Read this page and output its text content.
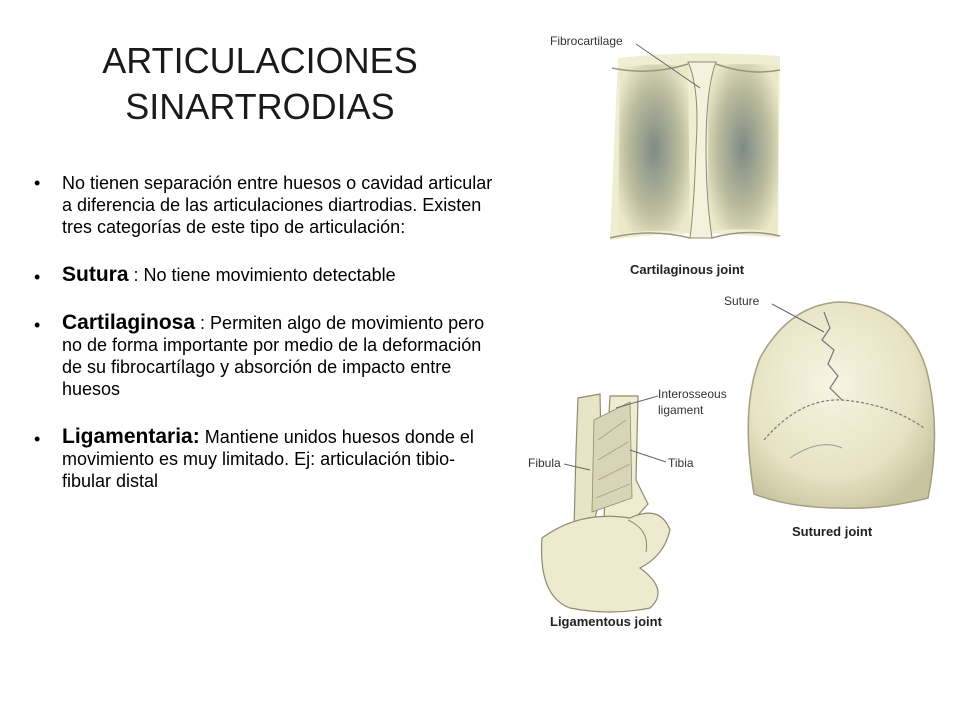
ARTICULACIONES
SINARTRODIAS
• No tienen separación entre huesos o cavidad articular a diferencia de las articulaciones diartrodias. Existen tres categorías de este tipo de articulación:
• Sutura : No tiene movimiento detectable
• Cartilaginosa : Permiten algo de movimiento pero no de forma importante por medio de la deformación de su fibrocartílago y absorción de impacto entre huesos
• Ligamentaria: Mantiene unidos huesos donde el movimiento es muy limitado. Ej: articulación tibio-fibular distal
Fibrocartilage
Cartilaginous joint
Suture
Sutured joint
Interosseous ligament
Fibula	Tibia
Ligamentous joint
